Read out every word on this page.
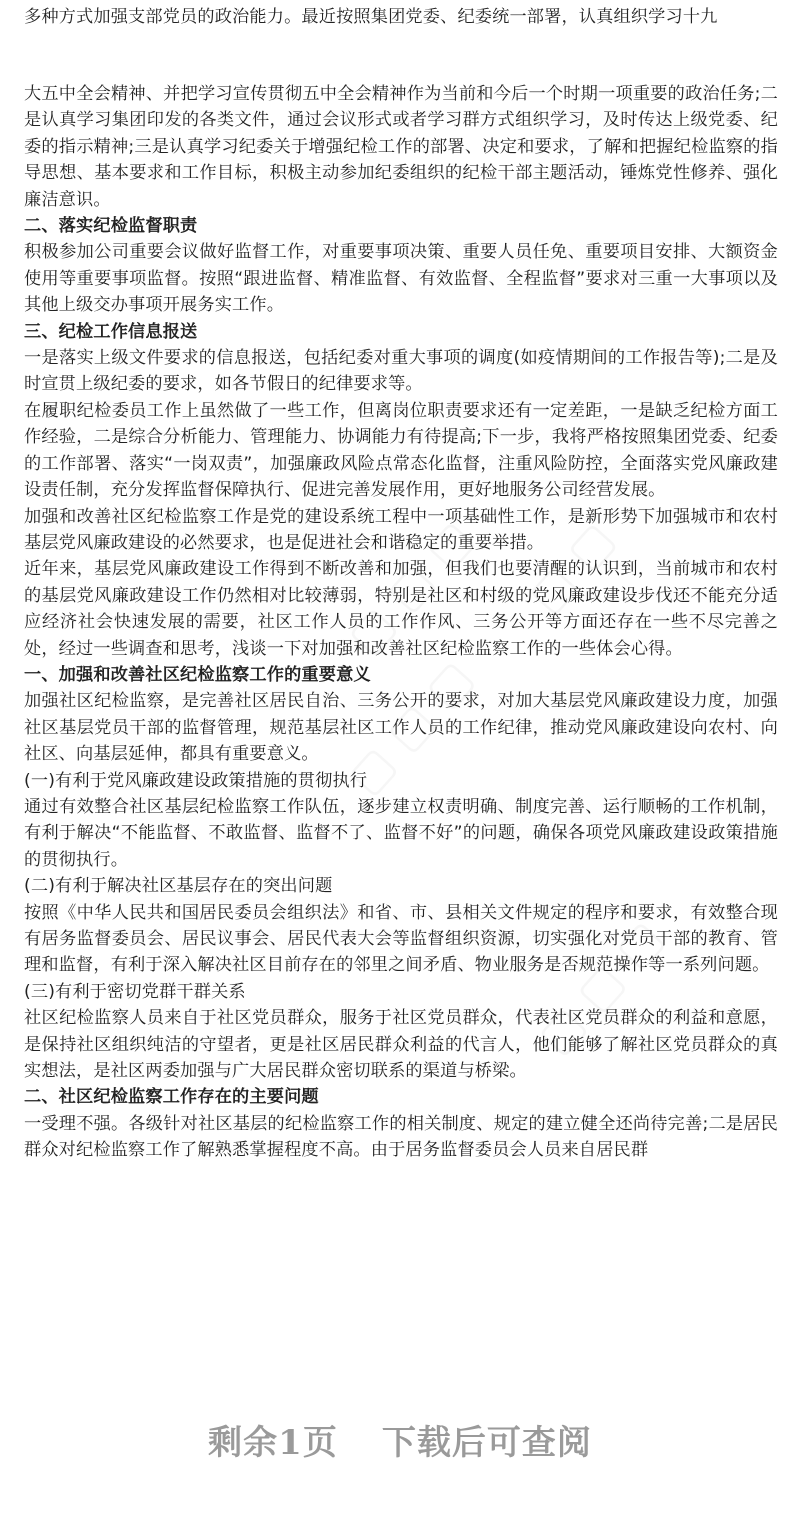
多种方式加强支部党员的政治能力。最近按照集团党委、纪委统一部署，认真组织学习十九

大五中全会精神、并把学习宣传贯彻五中全会精神作为当前和今后一个时期一项重要的政治任务;二是认真学习集团印发的各类文件，通过会议形式或者学习群方式组织学习，及时传达上级党委、纪委的指示精神;三是认真学习纪委关于增强纪检工作的部署、决定和要求，了解和把握纪检监察的指导思想、基本要求和工作目标，积极主动参加纪委组织的纪检干部主题活动，锤炼党性修养、强化廉洁意识。

二、落实纪检监督职责

积极参加公司重要会议做好监督工作，对重要事项决策、重要人员任免、重要项目安排、大额资金使用等重要事项监督。按照“跟进监督、精准监督、有效监督、全程监督”要求对三重一大事项以及其他上级交办事项开展务实工作。

三、纪检工作信息报送

一是落实上级文件要求的信息报送，包括纪委对重大事项的调度(如疫情期间的工作报告等);二是及时宣贯上级纪委的要求，如各节假日的纪律要求等。

在履职纪检委员工作上虽然做了一些工作，但离岗位职责要求还有一定差距，一是缺乏纪检方面工作经验，二是综合分析能力、管理能力、协调能力有待提高;下一步，我将严格按照集团党委、纪委的工作部署、落实“一岗双责”，加强廉政风险点常态化监督，注重风险防控，全面落实党风廉政建设责任制，充分发挥监督保障执行、促进完善发展作用，更好地服务公司经营发展。

加强和改善社区纪检监察工作是党的建设系统工程中一项基础性工作，是新形势下加强城市和农村基层党风廉政建设的必然要求，也是促进社会和谐稳定的重要举措。

近年来，基层党风廉政建设工作得到不断改善和加强，但我们也要清醒的认识到，当前城市和农村的基层党风廉政建设工作仍然相对比较薄弱，特别是社区和村级的党风廉政建设步伐还不能充分适应经济社会快速发展的需要，社区工作人员的工作作风、三务公开等方面还存在一些不尽完善之处，经过一些调查和思考，浅谈一下对加强和改善社区纪检监察工作的一些体会心得。

一、加强和改善社区纪检监察工作的重要意义

加强社区纪检监察，是完善社区居民自治、三务公开的要求，对加大基层党风廉政建设力度，加强社区基层党员干部的监督管理，规范基层社区工作人员的工作纪律，推动党风廉政建设向农村、向社区、向基层延伸，都具有重要意义。

(一)有利于党风廉政建设政策措施的贯彻执行

通过有效整合社区基层纪检监察工作队伍，逐步建立权责明确、制度完善、运行顺畅的工作机制，有利于解决“不能监督、不敢监督、监督不了、监督不好”的问题，确保各项党风廉政建设政策措施的贯彻执行。

(二)有利于解决社区基层存在的突出问题

按照《中华人民共和国居民委员会组织法》和省、市、县相关文件规定的程序和要求，有效整合现有居务监督委员会、居民议事会、居民代表大会等监督组织资源，切实强化对党员干部的教育、管理和监督，有利于深入解决社区目前存在的邻里之间矛盾、物业服务是否规范操作等一系列问题。

(三)有利于密切党群干群关系

社区纪检监察人员来自于社区党员群众，服务于社区党员群众，代表社区党员群众的利益和意愿，是保持社区组织纯洁的守望者，更是社区居民群众利益的代言人，他们能够了解社区党员群众的真实想法，是社区两委加强与广大居民群众密切联系的渠道与桥梁。

二、社区纪检监察工作存在的主要问题

一受理不强。各级针对社区基层的纪检监察工作的相关制度、规定的建立健全还尚待完善;二是居民群众对纪检监察工作了解熟悉掌握程度不高。由于居务监督委员会人员来自居民群

剩余1页 下载后可查阅
